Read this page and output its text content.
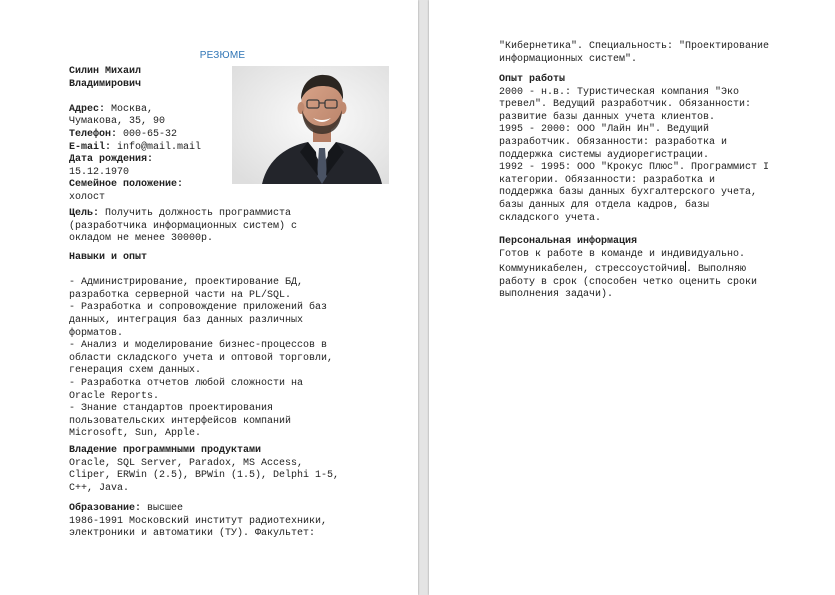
РЕЗЮМЕ
Силин Михаил
Владимирович
Адрес: Москва,
Чумакова, 35, 90
Телефон: 000-65-32
E-mail: info@mail.mail
Дата рождения:
15.12.1970
Семейное положение:
холост
Цель: Получить должность программиста
(разработчика информационных систем) с
окладом не менее 30000р.
Навыки и опыт
- Администрирование, проектирование БД,
разработка серверной части на PL/SQL.
- Разработка и сопровождение приложений баз
данных, интеграция баз данных различных
форматов.
- Анализ и моделирование бизнес-процессов в
области складского учета и оптовой торговли,
генерация схем данных.
- Разработка отчетов любой сложности на
Oracle Reports.
- Знание стандартов проектирования
пользовательских интерфейсов компаний
Microsoft, Sun, Apple.
Владение программными продуктами
Oracle, SQL Server, Paradox, MS Access,
Cliper, ERWin (2.5), BPWin (1.5), Delphi 1-5,
C++, Java.
Образование: высшее
1986-1991 Московский институт радиотехники,
электроники и автоматики (ТУ). Факультет:
"Кибернетика". Специальность: "Проектирование
информационных систем".
Опыт работы
2000 - н.в.: Туристическая компания "Эко
тревел". Ведущий разработчик. Обязанности:
развитие базы данных учета клиентов.
1995 - 2000: ООО "Лайн Ин". Ведущий
разработчик. Обязанности: разработка и
поддержка системы аудиорегистрации.
1992 - 1995: ООО "Крокус Плюс". Программист I
категории. Обязанности: разработка и
поддержка базы данных бухгалтерского учета,
базы данных для отдела кадров, базы
складского учета.
Персональная информация
Готов к работе в команде и индивидуально.
Коммуникабелен, стрессоустойчив. Выполняю
работу в срок (способен четко оценить сроки
выполнения задачи).
